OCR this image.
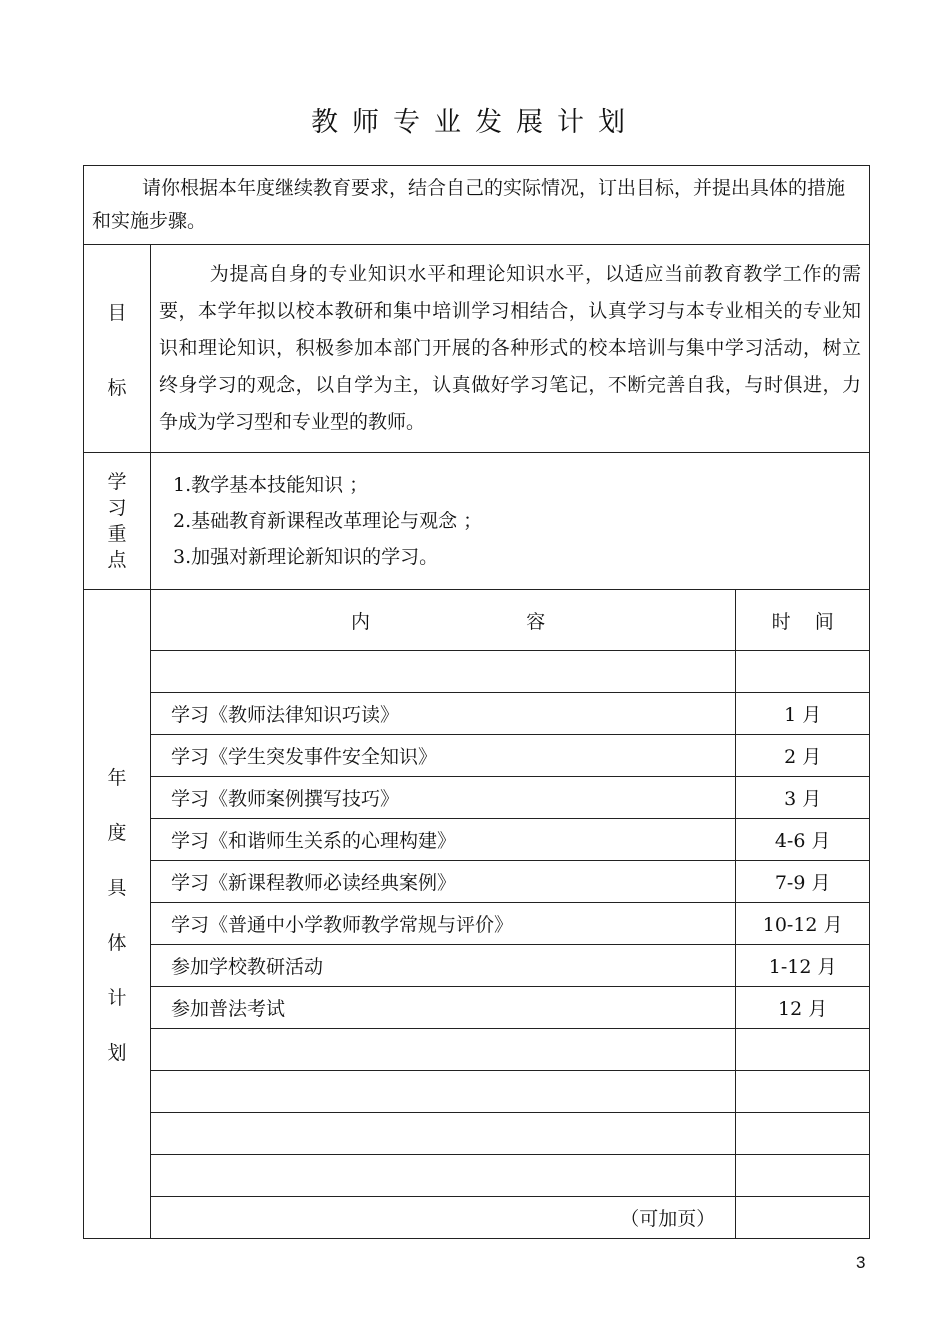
教师专业发展计划
请你根据本年度继续教育要求，结合自己的实际情况，订出目标，并提出具体的措施和实施步骤。

目
标
	为提高自身的专业知识水平和理论知识水平，以适应当前教育教学工作的需要，本学年拟以校本教研和集中培训学习相结合，认真学习与本专业相关的专业知识和理论知识，积极参加本部门开展的各种形式的校本培训与集中学习活动，树立终身学习的观念，以自学为主，认真做好学习笔记，不断完善自我，与时俱进，力争成为学习型和专业型的教师。

学
习
重
点

1.教学基本技能知识 ；
2.基础教育新课程改革理论与观念 ；
3.加强对新理论新知识的学习。

年
度
具
体
计
划

内	容	时    间

学习《教师法律知识巧读》	1 月
学习《学生突发事件安全知识》	2 月
学习《教师案例撰写技巧》	3 月
学习《和谐师生关系的心理构建》	4-6 月
学习《新课程教师必读经典案例》	7-9 月
学习《普通中小学教师教学常规与评价》	10-12 月
参加学校教研活动	1-12 月
参加普法考试	12 月

（可加页）	
3
